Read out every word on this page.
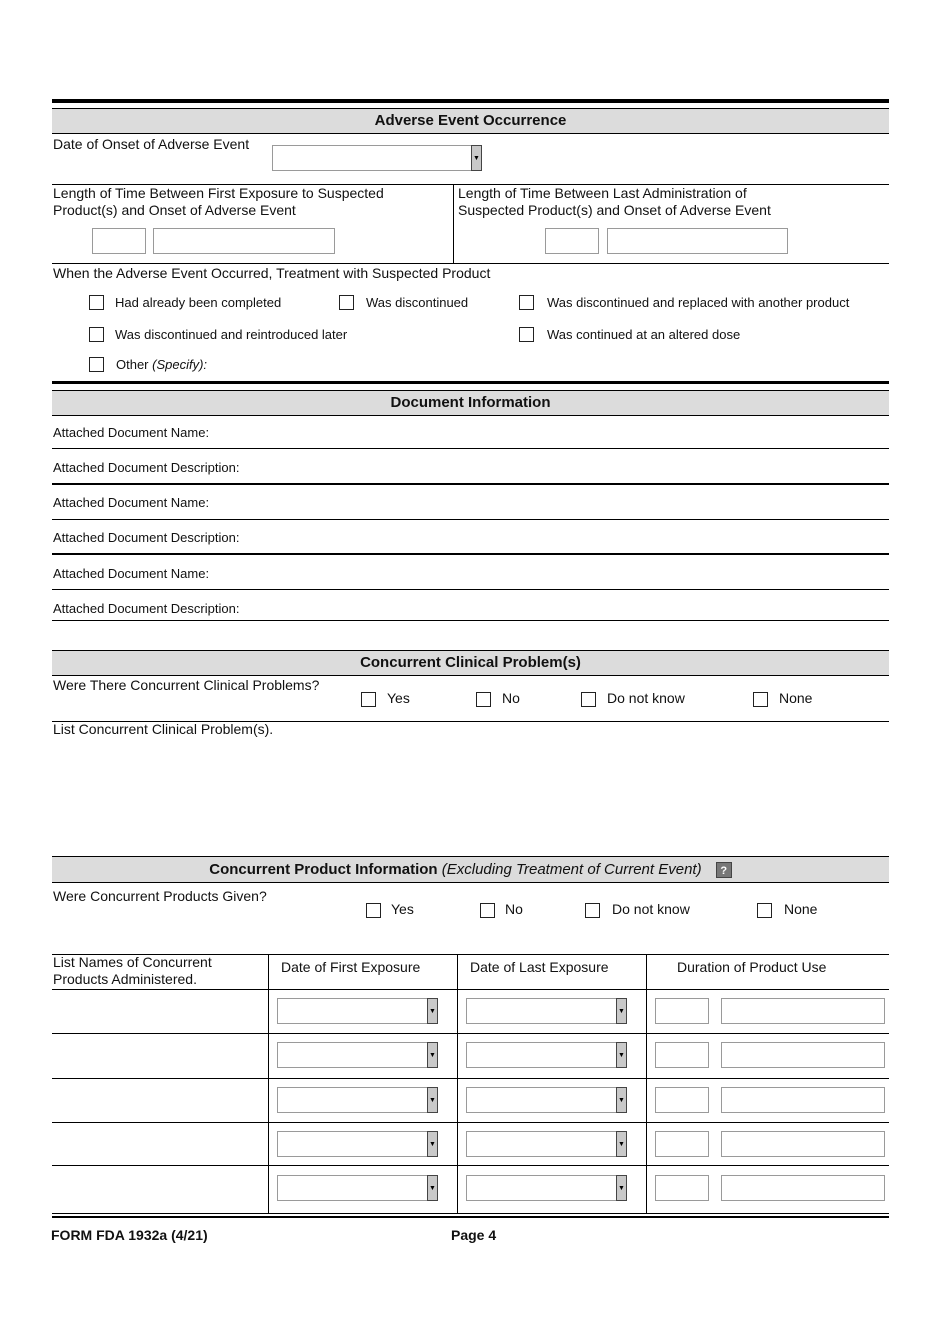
Adverse Event Occurrence
Date of Onset of Adverse Event
▼
Length of Time Between First Exposure to Suspected
Product(s) and Onset of Adverse Event
Length of Time Between Last Administration of
Suspected Product(s) and Onset of Adverse Event
When the Adverse Event Occurred, Treatment with Suspected Product
Had already been completed	Was discontinued	Was discontinued and replaced with another product
Was discontinued and reintroduced later	Was continued at an altered dose
Other (Specify):
Document Information
Attached Document Name:
Attached Document Description:
Attached Document Name:
Attached Document Description:
Attached Document Name:
Attached Document Description:
Concurrent Clinical Problem(s)
Were There Concurrent Clinical Problems?
Yes	No	Do not know	None
List Concurrent Clinical Problem(s).
Concurrent Product Information (Excluding Treatment of Current Event) ?
Were Concurrent Products Given?
Yes	No	Do not know	None
List Names of Concurrent
Products Administered.
Date of First Exposure	Date of Last Exposure	Duration of Product Use
▼	▼
▼	▼
▼	▼
▼	▼
▼	▼
FORM FDA 1932a (4/21)	Page 4
